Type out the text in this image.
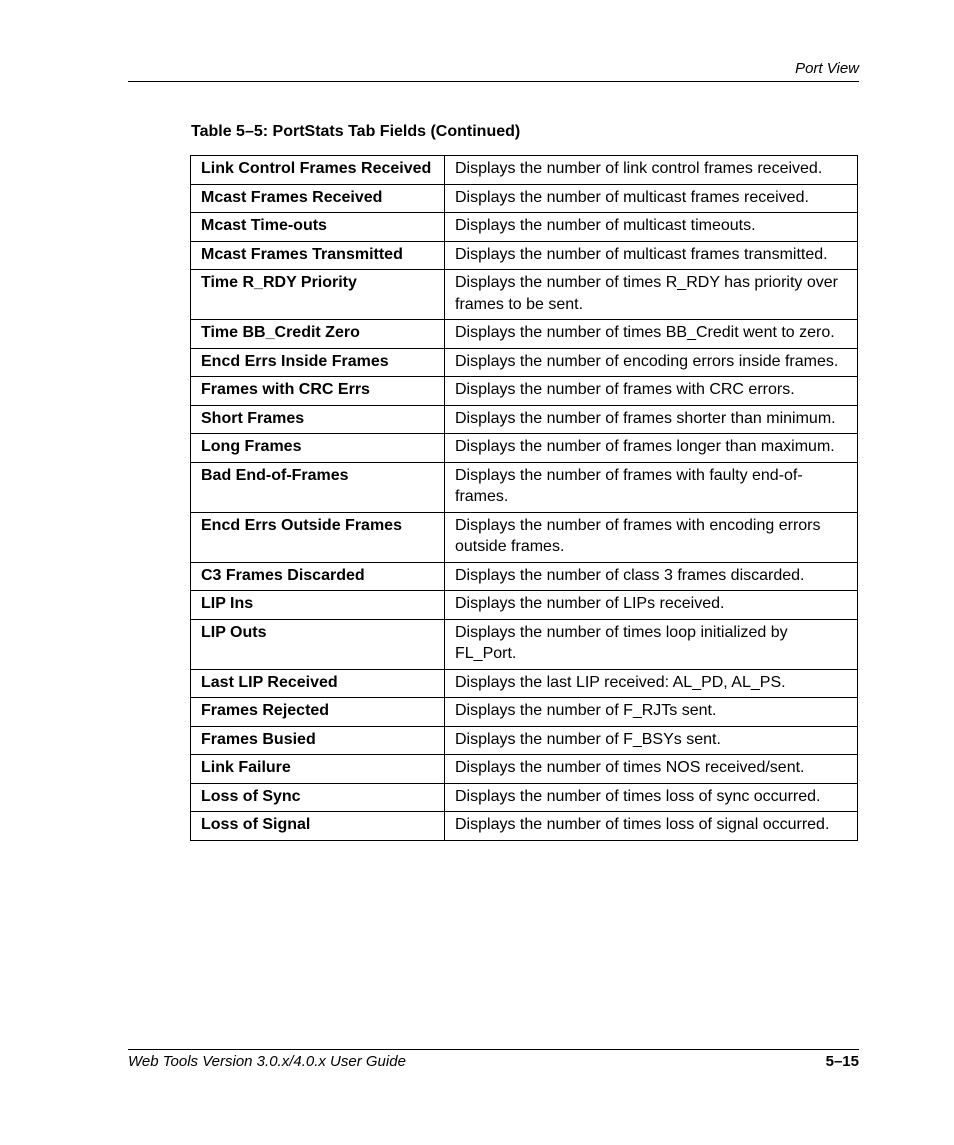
Port View
Table 5–5: PortStats Tab Fields (Continued)
Link Control Frames Received	Displays the number of link control frames received.
Mcast Frames Received	Displays the number of multicast frames received.
Mcast Time-outs	Displays the number of multicast timeouts.
Mcast Frames Transmitted	Displays the number of multicast frames transmitted.
Time R_RDY Priority	Displays the number of times R_RDY has priority over frames to be sent.
Time BB_Credit Zero	Displays the number of times BB_Credit went to zero.
Encd Errs Inside Frames	Displays the number of encoding errors inside frames.
Frames with CRC Errs	Displays the number of frames with CRC errors.
Short Frames	Displays the number of frames shorter than minimum.
Long Frames	Displays the number of frames longer than maximum.
Bad End-of-Frames	Displays the number of frames with faulty end-of-frames.
Encd Errs Outside Frames	Displays the number of frames with encoding errors outside frames.
C3 Frames Discarded	Displays the number of class 3 frames discarded.
LIP Ins	Displays the number of LIPs received.
LIP Outs	Displays the number of times loop initialized by FL_Port.
Last LIP Received	Displays the last LIP received: AL_PD, AL_PS.
Frames Rejected	Displays the number of F_RJTs sent.
Frames Busied	Displays the number of F_BSYs sent.
Link Failure	Displays the number of times NOS received/sent.
Loss of Sync	Displays the number of times loss of sync occurred.
Loss of Signal	Displays the number of times loss of signal occurred.
Web Tools Version 3.0.x/4.0.x User Guide	5–15
